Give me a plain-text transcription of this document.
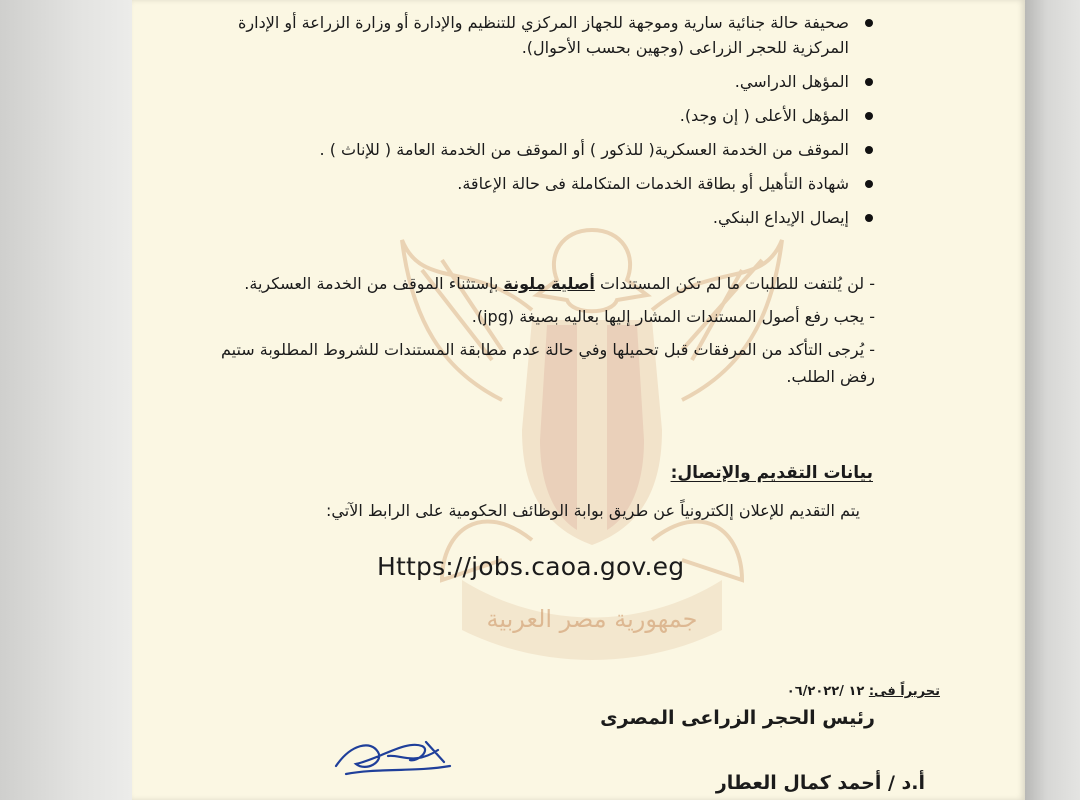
جمهورية مصر العربية
صحيفة حالة جنائية سارية وموجهة للجهاز المركزي للتنظيم والإدارة أو وزارة الزراعة أو الإدارة المركزية للحجر الزراعى (وجهين بحسب الأحوال).
المؤهل الدراسي.
المؤهل الأعلى ( إن وجد).
الموقف من الخدمة العسكرية( للذكور ) أو الموقف من الخدمة العامة ( للإناث ) .
شهادة التأهيل أو بطاقة الخدمات المتكاملة فى حالة الإعاقة.
إيصال الإيداع البنكي.

- لن يُلتفت للطلبات ما لم تكن المستندات أصلية ملونة بإستثناء الموقف من الخدمة العسكرية.

- يجب رفع أصول المستندات المشار إليها بعاليه بصيغة (jpg).

- يُرجى التأكد من المرفقات قبل تحميلها وفي حالة عدم مطابقة المستندات للشروط المطلوبة ستيم رفض الطلب.

بيانات التقديم والإتصال:

يتم التقديم للإعلان إلكترونياً عن طريق بوابة الوظائف الحكومية على الرابط الآتي:

Https://jobs.caoa.gov.eg
تحريراً فى: ١٢ /٠٦/٢٠٢٢
رئيس الحجر الزراعى المصرى
أ.د / أحمد كمال العطار
